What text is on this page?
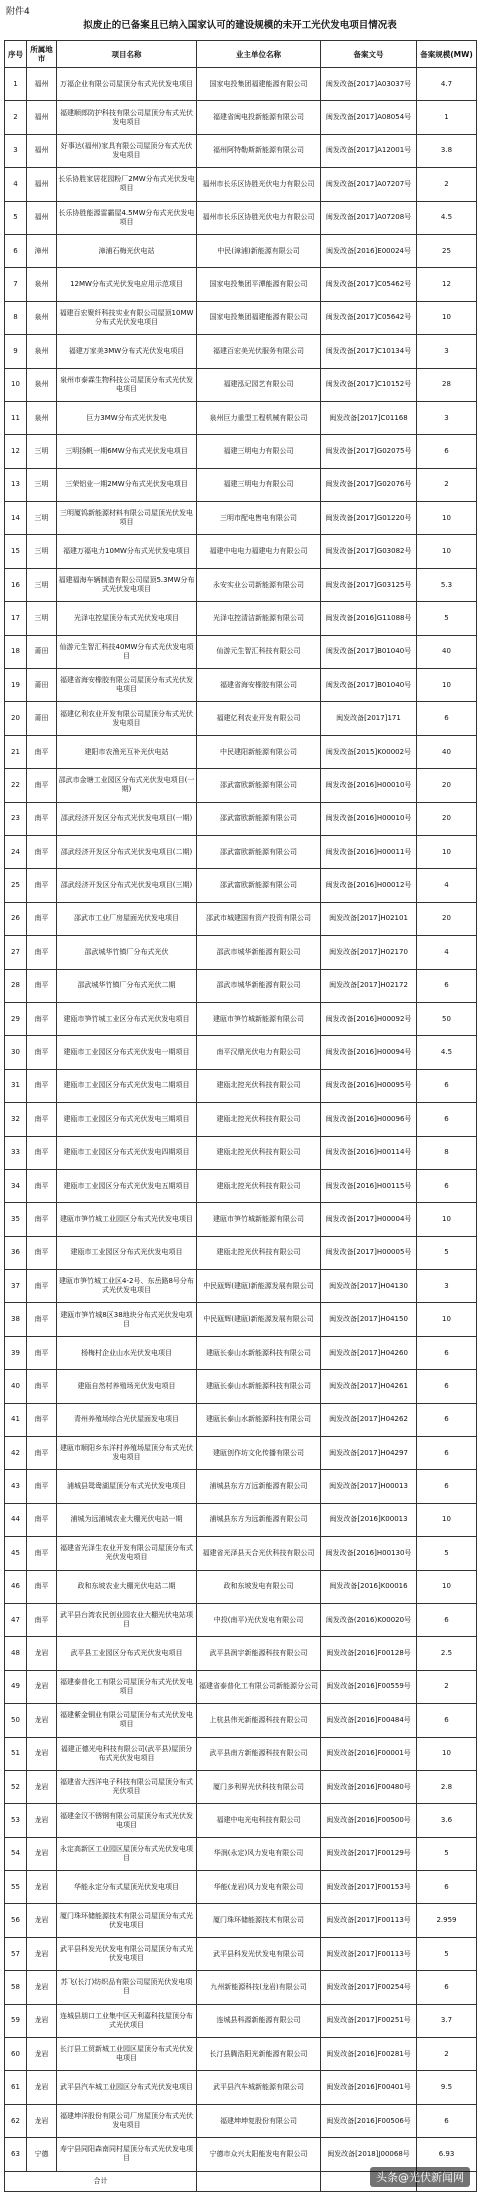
附件4
拟废止的已备案且已纳入国家认可的建设规模的未开工光伏发电项目情况表
序号	所属地市	项目名称	业主单位名称	备案文号	备案规模(MW)
1	福州	万福企业有限公司屋顶分布式光伏发电项目	国家电投集团福建能源有限公司	闽发改备[2017]A03037号	4.7
2	福州	福建顺郎防护科技有限公司屋顶分布式光伏发电项目	福建省闽电投新能源有限公司	闽发改备[2017]A08054号	1
3	福州	好事达(福州)家具有限公司屋顶分布式光伏发电项目	福州阿特勒斯新能源有限公司	闽发改备[2017]A12001号	3.8
4	福州	长乐协胜家居花园粉厂2MW分布式光伏发电项目	福州市长乐区协胜光伏电力有限公司	闽发改备[2017]A07207号	2
5	福州	长乐协胜能源雷霸屋4.5MW分布式光伏发电项目	福州市长乐区协胜光伏电力有限公司	闽发改备[2017]A07208号	4.5
6	漳州	漳浦石梅光伏电站	中民(漳浦)新能源有限公司	闽发改备[2016]E00024号	25
7	泉州	12MW分布式光伏发电应用示范项目	国家电投集团平潭能源有限公司	闽发改备[2017]C05462号	12
8	泉州	福建百宏聚纤科技实业有限公司屋顶10MW分布式光伏发电项目	国家电投集团福建能源有限公司	闽发改备[2017]C05642号	10
9	泉州	福建万家美3MW分布式光伏发电项目	福建百宏美光伏服务有限公司	闽发改备[2017]C10134号	3
10	泉州	泉州市泰霖生物科技公司屋顶分布式光伏发电项目	福建泓记园艺有限公司	闽发改备[2017]C10152号	28
11	泉州	巨力3MW分布式光伏发电	泉州巨力重型工程机械有限公司	闽发改备[2017]C01168	3
12	三明	三明扬帆一期6MW分布式光伏发电项目	福建三明电力有限公司	闽发改备[2017]G02075号	6
13	三明	三荣铝业一期2MW分布式光伏发电项目	福建三明电力有限公司	闽发改备[2017]G02076号	2
14	三明	三明厦钨新能源材料有限公司屋顶光伏发电项目	三明市配电售电有限公司	闽发改备[2017]G01220号	10
15	三明	福建万福电力10MW分布式光伏发电项目	福建中电电力福建电力有限公司	闽发改备[2017]G03082号	10
16	三明	福建福海车辆制造有限公司屋顶5.3MW分布式光伏发电项目	永安实业公司新能源有限公司	闽发改备[2017]G03125号	5.3
17	三明	光泽屯控屋顶分布式光伏发电项目	光泽屯控清洁新能源有限公司	闽发改备[2016]G11088号	5
18	莆田	仙游元生智汇科技40MW分布式光伏发电项目	仙游元生智汇科技有限公司	闽发改备[2017]B01040号	40
19	莆田	福建省海安橡胶有限公司屋顶分布式光伏发电项目	福建省海安橡胶有限公司	闽发改备[2017]B01040号	10
20	莆田	福建亿利农业开发有限公司屋顶分布式光伏发电项目	福建亿利农业开发有限公司	闽发改备[2017]171	6
21	南平	建阳市农渔光互补光伏电站	中民建阳新能源有限公司	闽发改备[2015]K00002号	40
22	南平	邵武市金塘工业园区分布式光伏发电项目(一期)	邵武富欧新能源有限公司	闽发改备[2016]H00010号	20
23	南平	邵武经济开发区分布式光伏发电项目(一期)	邵武富欧新能源有限公司	闽发改备[2016]H00010号	20
24	南平	邵武经济开发区分布式光伏发电项目(二期)	邵武富欧新能源有限公司	闽发改备[2016]H00011号	10
25	南平	邵武经济开发区分布式光伏发电项目(三期)	邵武富欧新能源有限公司	闽发改备[2016]H00012号	4
26	南平	邵武市工业厂房屋面光伏发电项目	邵武市城建国有资产投资有限公司	闽发改备[2017]H02101	20
27	南平	邵武城华竹镇厂分布式光伏	邵武市城华新能源有限公司	闽发改备[2017]H02170	4
28	南平	邵武城华竹镇厂分布式光伏二期	邵武市城华新能源有限公司	闽发改备[2017]H02172	6
29	南平	建瓯市笋竹城工业区分布式光伏发电项目	建瓯市笋竹城新能源有限公司	闽发改备[2016]H00092号	50
30	南平	建瓯市工业园区分布式光伏发电一期项目	南平汉鼎光伏电力有限公司	闽发改备[2016]H00094号	4.5
31	南平	建瓯市工业园区分布式光伏发电二期项目	建瓯北控光伏科技有限公司	闽发改备[2016]H00095号	6
32	南平	建瓯市工业园区分布式光伏发电三期项目	建瓯北控光伏科技有限公司	闽发改备[2016]H00096号	6
33	南平	建瓯市工业园区分布式光伏发电四期项目	建瓯北控光伏科技有限公司	闽发改备[2016]H00114号	8
34	南平	建瓯市工业园区分布式光伏发电五期项目	建瓯北控光伏科技有限公司	闽发改备[2016]H00115号	6
35	南平	建瓯市笋竹城工业园区分布式光伏发电项目	建瓯市笋竹城新能源有限公司	闽发改备[2017]H00004号	10
36	南平	建瓯市工业园区分布式光伏发电项目	建瓯北控光伏科技有限公司	闽发改备[2017]H00005号	5
37	南平	建瓯市笋竹城工业区4-2号、东岳路8号分布式光伏发电项目	中民瓯辉(建瓯)新能源发展有限公司	闽发改备[2017]H04130	3
38	南平	建瓯市笋竹城8区38地块分布式光伏发电项目	中民瓯辉(建瓯)新能源发展有限公司	闽发改备[2017]H04150	10
39	南平	杨梅村企业山水光伏发电项目	建瓯长泰山水新能源科技有限公司	闽发改备[2017]H04260	6
40	南平	建瓯自然村养殖场光伏发电项目	建瓯长泰山水新能源科技有限公司	闽发改备[2017]H04261	6
41	南平	青州养殖场综合光伏屋面发电项目	建瓯长泰山水新能源科技有限公司	闽发改备[2017]H04262	6
42	南平	建瓯市顺阳乡东洋村养殖场屋顶分布式光伏发电项目	建瓯创作坊文化传播有限公司	闽发改备[2017]H04297	6
43	南平	浦城县鸳鸯湖屋顶分布式光伏发电项目	浦城县东方万远新能源有限公司	闽发改备[2017]H00013	6
44	南平	浦城为远浦城农业大棚光伏电站一期	浦城县东方为远新能源有限公司	闽发改备[2016]K00013	10
45	南平	福建省光泽生农业开发有限公司屋顶分布式光伏发电项目	福建省光泽县天合光伏科技有限公司	闽发改备[2016]H00130号	5
46	南平	政和东坡农业大棚光伏电站二期	政和东坡发电有限公司	闽发改备[2016]K00016	10
47	南平	武平县台湾农民创业园农业大棚光伏电站项目	中投(南平)光伏发电有限公司	闽发改备(2016)K00020号	6
48	龙岩	武平县工业园区分布式光伏发电项目	武平县润宇新能源科技有限公司	闽发改备[2016]F00128号	2.5
49	龙岩	福建泰普化工有限公司屋顶分布式光伏发电项目	福建省泰普化工有限公司新能源分公司	闽发改备[2016]F00559号	2
50	龙岩	福建紫金铜业有限公司屋顶分布式光伏发电项目	上杭县伟光新能源科技有限公司	闽发改备[2016]F00484号	6
51	龙岩	福建正德光电科技有限公司(武平县)屋顶分布式光伏发电项目	武平县南方新能源科技有限公司	闽发改备[2016]F00001号	10
52	龙岩	福建省大西洋电子科技有限公司屋顶分布式光伏项目	厦门多利昇光伏科技有限公司	闽发改备[2016]F00480号	2.8
53	龙岩	福建金汉不锈钢有限公司屋顶分布式光伏发电项目	福建中电光电科技有限公司	闽发改备[2016]F00500号	3.6
54	龙岩	永定高新区工业园区屋顶分布式光伏发电项目	华润(永定)风力发电有限公司	闽发改备[2017]F00129号	5
55	龙岩	华能永定分布式屋顶光伏发电项目	华能(龙岩)风力发电有限公司	闽发改备[2017]F00153号	6
56	龙岩	厦门珠环储能源技术有限公司屋顶分布式光伏发电项目	厦门珠环储能源技术有限公司	闽发改备[2017]F00113号	2.959
57	龙岩	武平县科发光伏发电有限公司屋顶分布式光伏发电项目	武平县科发光伏发电有限公司	闽发改备[2017]F00113号	5
58	龙岩	苏飞(长汀)纺织品有限公司屋顶光伏发电项目	九州新能源科技(龙岩)有限公司	闽发改备[2017]F00254号	6
59	龙岩	连城县朋口工业集中区天利嘉科技屋顶分布式光伏项目	连城县科源新能源有限公司	闽发改备[2017]F00251号	3.7
60	龙岩	长汀县工贸新城工业园区屋顶分布式光伏发电项目	长汀县腾浩阳光新能源有限公司	闽发改备[2016]F00281号	2
61	龙岩	武平县汽车城工业园区分布式光伏发电项目	武平县汽车城新能源有限公司	闽发改备[2016]F00401号	9.5
62	龙岩	福建坤洋股份有限公司厂房屋顶分布式光伏发电项目	福建坤坤复股份有限公司	闽发改备[2016]F00506号	6
63	宁德	寿宁县同阳森南同村屋顶分布式光伏发电项目	宁德市众兴太阳能发电有限公司	闽发改备[2018]J00068号	6.93
合计						头条@光伏新闻网
